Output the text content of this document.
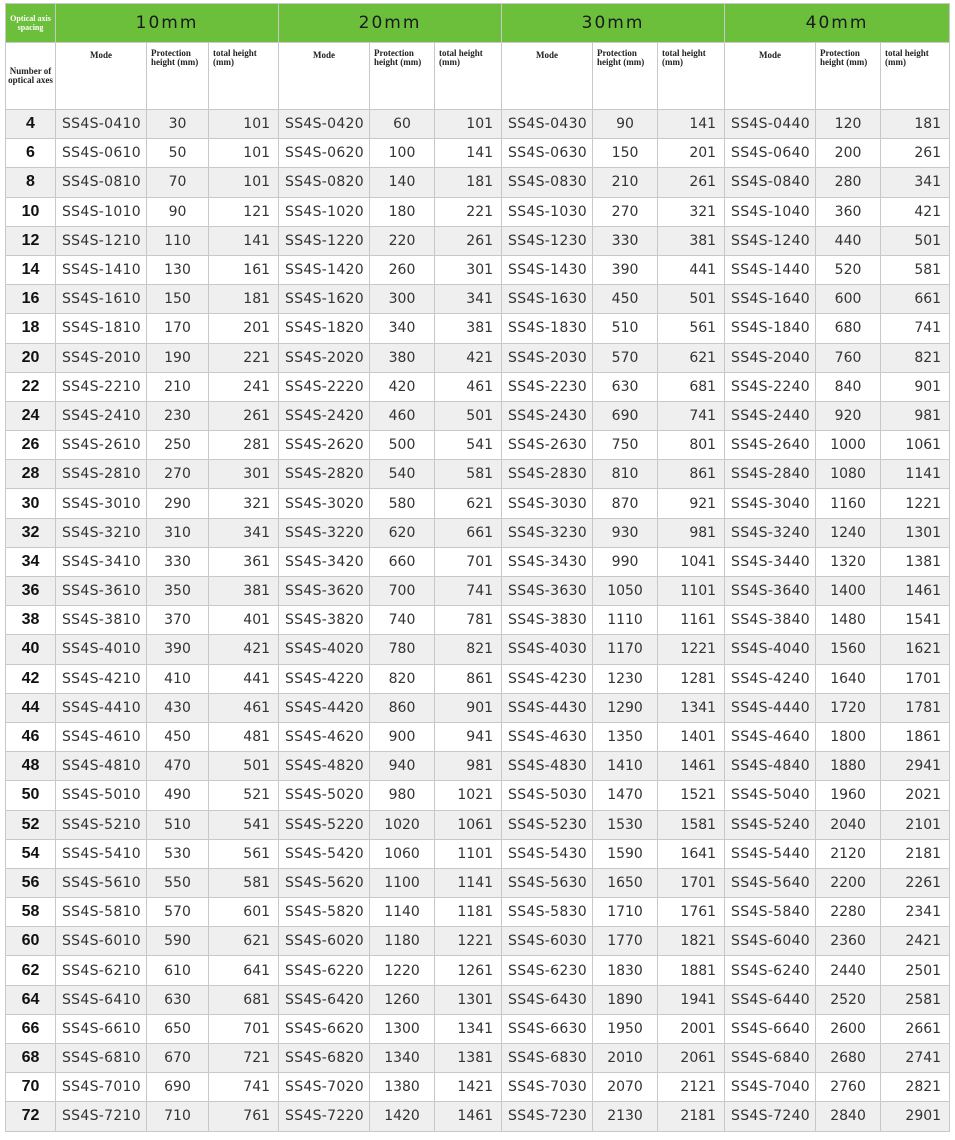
Optical axis spacing	10mm			20mm			30mm			40mm		
Number of optical axes	Mode	Protection height (mm)	total height (mm)	Mode	Protection height (mm)	total height (mm)	Mode	Protection height (mm)	total height (mm)	Mode	Protection height (mm)	total height (mm)
4	SS4S-0410	30	101	SS4S-0420	60	101	SS4S-0430	90	141	SS4S-0440	120	181
6	SS4S-0610	50	101	SS4S-0620	100	141	SS4S-0630	150	201	SS4S-0640	200	261
8	SS4S-0810	70	101	SS4S-0820	140	181	SS4S-0830	210	261	SS4S-0840	280	341
10	SS4S-1010	90	121	SS4S-1020	180	221	SS4S-1030	270	321	SS4S-1040	360	421
12	SS4S-1210	110	141	SS4S-1220	220	261	SS4S-1230	330	381	SS4S-1240	440	501
14	SS4S-1410	130	161	SS4S-1420	260	301	SS4S-1430	390	441	SS4S-1440	520	581
16	SS4S-1610	150	181	SS4S-1620	300	341	SS4S-1630	450	501	SS4S-1640	600	661
18	SS4S-1810	170	201	SS4S-1820	340	381	SS4S-1830	510	561	SS4S-1840	680	741
20	SS4S-2010	190	221	SS4S-2020	380	421	SS4S-2030	570	621	SS4S-2040	760	821
22	SS4S-2210	210	241	SS4S-2220	420	461	SS4S-2230	630	681	SS4S-2240	840	901
24	SS4S-2410	230	261	SS4S-2420	460	501	SS4S-2430	690	741	SS4S-2440	920	981
26	SS4S-2610	250	281	SS4S-2620	500	541	SS4S-2630	750	801	SS4S-2640	1000	1061
28	SS4S-2810	270	301	SS4S-2820	540	581	SS4S-2830	810	861	SS4S-2840	1080	1141
30	SS4S-3010	290	321	SS4S-3020	580	621	SS4S-3030	870	921	SS4S-3040	1160	1221
32	SS4S-3210	310	341	SS4S-3220	620	661	SS4S-3230	930	981	SS4S-3240	1240	1301
34	SS4S-3410	330	361	SS4S-3420	660	701	SS4S-3430	990	1041	SS4S-3440	1320	1381
36	SS4S-3610	350	381	SS4S-3620	700	741	SS4S-3630	1050	1101	SS4S-3640	1400	1461
38	SS4S-3810	370	401	SS4S-3820	740	781	SS4S-3830	1110	1161	SS4S-3840	1480	1541
40	SS4S-4010	390	421	SS4S-4020	780	821	SS4S-4030	1170	1221	SS4S-4040	1560	1621
42	SS4S-4210	410	441	SS4S-4220	820	861	SS4S-4230	1230	1281	SS4S-4240	1640	1701
44	SS4S-4410	430	461	SS4S-4420	860	901	SS4S-4430	1290	1341	SS4S-4440	1720	1781
46	SS4S-4610	450	481	SS4S-4620	900	941	SS4S-4630	1350	1401	SS4S-4640	1800	1861
48	SS4S-4810	470	501	SS4S-4820	940	981	SS4S-4830	1410	1461	SS4S-4840	1880	2941
50	SS4S-5010	490	521	SS4S-5020	980	1021	SS4S-5030	1470	1521	SS4S-5040	1960	2021
52	SS4S-5210	510	541	SS4S-5220	1020	1061	SS4S-5230	1530	1581	SS4S-5240	2040	2101
54	SS4S-5410	530	561	SS4S-5420	1060	1101	SS4S-5430	1590	1641	SS4S-5440	2120	2181
56	SS4S-5610	550	581	SS4S-5620	1100	1141	SS4S-5630	1650	1701	SS4S-5640	2200	2261
58	SS4S-5810	570	601	SS4S-5820	1140	1181	SS4S-5830	1710	1761	SS4S-5840	2280	2341
60	SS4S-6010	590	621	SS4S-6020	1180	1221	SS4S-6030	1770	1821	SS4S-6040	2360	2421
62	SS4S-6210	610	641	SS4S-6220	1220	1261	SS4S-6230	1830	1881	SS4S-6240	2440	2501
64	SS4S-6410	630	681	SS4S-6420	1260	1301	SS4S-6430	1890	1941	SS4S-6440	2520	2581
66	SS4S-6610	650	701	SS4S-6620	1300	1341	SS4S-6630	1950	2001	SS4S-6640	2600	2661
68	SS4S-6810	670	721	SS4S-6820	1340	1381	SS4S-6830	2010	2061	SS4S-6840	2680	2741
70	SS4S-7010	690	741	SS4S-7020	1380	1421	SS4S-7030	2070	2121	SS4S-7040	2760	2821
72	SS4S-7210	710	761	SS4S-7220	1420	1461	SS4S-7230	2130	2181	SS4S-7240	2840	2901
